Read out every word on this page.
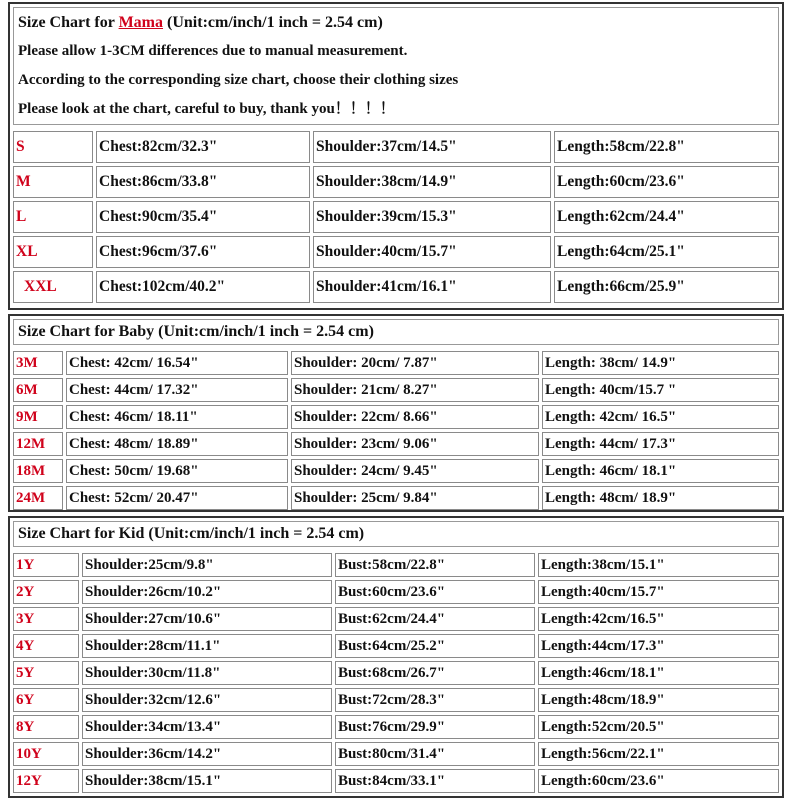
Size Chart for Mama (Unit:cm/inch/1 inch = 2.54 cm)
Please allow 1-3CM differences due to manual measurement.
According to the corresponding size chart, choose their clothing sizes
Please look at the chart, careful to buy, thank you！！！！
S	Chest:82cm/32.3"	Shoulder:37cm/14.5"	Length:58cm/22.8"
M	Chest:86cm/33.8"	Shoulder:38cm/14.9"	Length:60cm/23.6"
L	Chest:90cm/35.4"	Shoulder:39cm/15.3"	Length:62cm/24.4"
XL	Chest:96cm/37.6"	Shoulder:40cm/15.7"	Length:64cm/25.1"
XXL	Chest:102cm/40.2"	Shoulder:41cm/16.1"	Length:66cm/25.9"
Size Chart for Baby (Unit:cm/inch/1 inch = 2.54 cm)
3M	Chest: 42cm/ 16.54"	Shoulder: 20cm/ 7.87"	Length: 38cm/ 14.9"
6M	Chest: 44cm/ 17.32"	Shoulder: 21cm/ 8.27"	Length: 40cm/15.7 "
9M	Chest: 46cm/ 18.11"	Shoulder: 22cm/ 8.66"	Length: 42cm/ 16.5"
12M	Chest: 48cm/ 18.89"	Shoulder: 23cm/ 9.06"	Length: 44cm/ 17.3"
18M	Chest: 50cm/ 19.68"	Shoulder: 24cm/ 9.45"	Length: 46cm/ 18.1"
24M	Chest: 52cm/ 20.47"	Shoulder: 25cm/ 9.84"	Length: 48cm/ 18.9"
Size Chart for Kid (Unit:cm/inch/1 inch = 2.54 cm)
1Y	Shoulder:25cm/9.8"	Bust:58cm/22.8"	Length:38cm/15.1"
2Y	Shoulder:26cm/10.2"	Bust:60cm/23.6"	Length:40cm/15.7"
3Y	Shoulder:27cm/10.6"	Bust:62cm/24.4"	Length:42cm/16.5"
4Y	Shoulder:28cm/11.1"	Bust:64cm/25.2"	Length:44cm/17.3"
5Y	Shoulder:30cm/11.8"	Bust:68cm/26.7"	Length:46cm/18.1"
6Y	Shoulder:32cm/12.6"	Bust:72cm/28.3"	Length:48cm/18.9"
8Y	Shoulder:34cm/13.4"	Bust:76cm/29.9"	Length:52cm/20.5"
10Y	Shoulder:36cm/14.2"	Bust:80cm/31.4"	Length:56cm/22.1"
12Y	Shoulder:38cm/15.1"	Bust:84cm/33.1"	Length:60cm/23.6"
